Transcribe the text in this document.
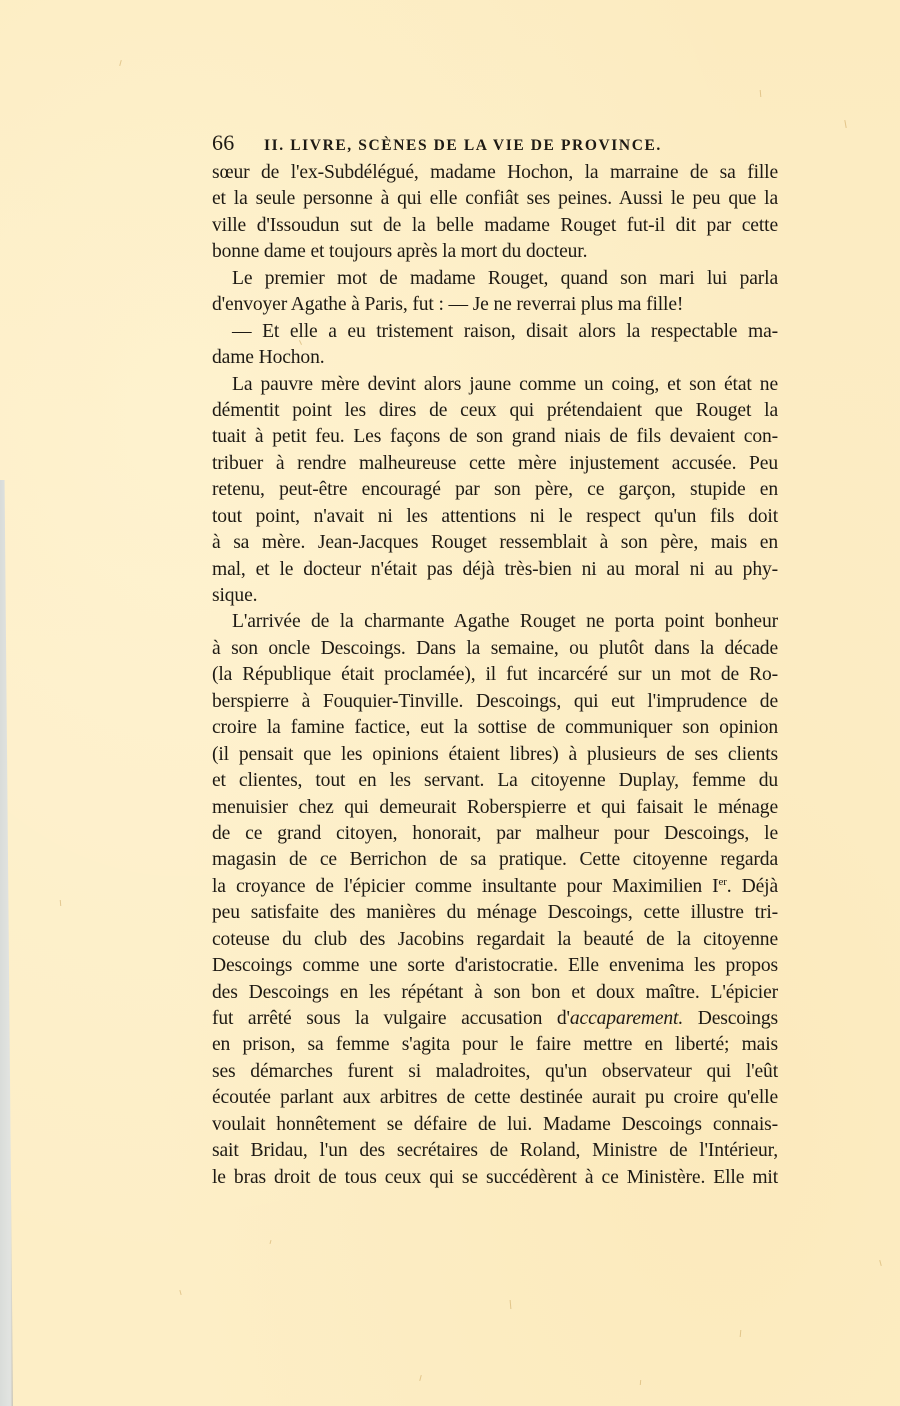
66	II. LIVRE, SCÈNES DE LA VIE DE PROVINCE.
sœur de l'ex-Subdélégué, madame Hochon, la marraine de sa fille
et la seule personne à qui elle confiât ses peines. Aussi le peu que la
ville d'Issoudun sut de la belle madame Rouget fut-il dit par cette
bonne dame et toujours après la mort du docteur.
Le premier mot de madame Rouget, quand son mari lui parla
d'envoyer Agathe à Paris, fut : — Je ne reverrai plus ma fille!
— Et elle a eu tristement raison, disait alors la respectable ma-
dame Hochon.
La pauvre mère devint alors jaune comme un coing, et son état ne
démentit point les dires de ceux qui prétendaient que Rouget la
tuait à petit feu. Les façons de son grand niais de fils devaient con-
tribuer à rendre malheureuse cette mère injustement accusée. Peu
retenu, peut-être encouragé par son père, ce garçon, stupide en
tout point, n'avait ni les attentions ni le respect qu'un fils doit
à sa mère. Jean-Jacques Rouget ressemblait à son père, mais en
mal, et le docteur n'était pas déjà très-bien ni au moral ni au phy-
sique.
L'arrivée de la charmante Agathe Rouget ne porta point bonheur
à son oncle Descoings. Dans la semaine, ou plutôt dans la décade
(la République était proclamée), il fut incarcéré sur un mot de Ro-
berspierre à Fouquier-Tinville. Descoings, qui eut l'imprudence de
croire la famine factice, eut la sottise de communiquer son opinion
(il pensait que les opinions étaient libres) à plusieurs de ses clients
et clientes, tout en les servant. La citoyenne Duplay, femme du
menuisier chez qui demeurait Roberspierre et qui faisait le ménage
de ce grand citoyen, honorait, par malheur pour Descoings, le
magasin de ce Berrichon de sa pratique. Cette citoyenne regarda
la croyance de l'épicier comme insultante pour Maximilien Ier. Déjà
peu satisfaite des manières du ménage Descoings, cette illustre tri-
coteuse du club des Jacobins regardait la beauté de la citoyenne
Descoings comme une sorte d'aristocratie. Elle envenima les propos
des Descoings en les répétant à son bon et doux maître. L'épicier
fut arrêté sous la vulgaire accusation d'accaparement. Descoings
en prison, sa femme s'agita pour le faire mettre en liberté; mais
ses démarches furent si maladroites, qu'un observateur qui l'eût
écoutée parlant aux arbitres de cette destinée aurait pu croire qu'elle
voulait honnêtement se défaire de lui. Madame Descoings connais-
sait Bridau, l'un des secrétaires de Roland, Ministre de l'Intérieur,
le bras droit de tous ceux qui se succédèrent à ce Ministère. Elle mit
